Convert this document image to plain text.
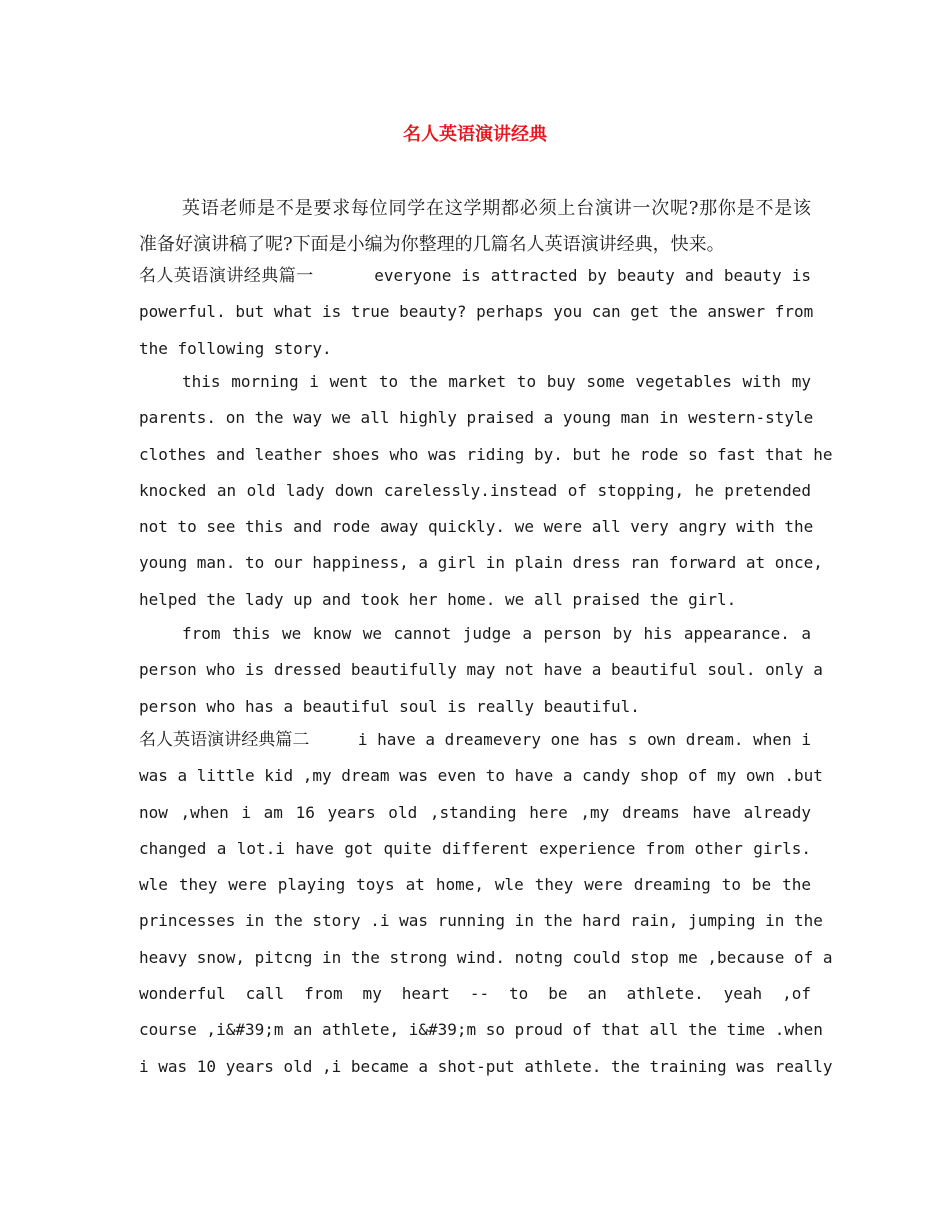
名人英语演讲经典
英语老师是不是要求每位同学在这学期都必须上台演讲一次呢?那你是不是该
准备好演讲稿了呢?下面是小编为你整理的几篇名人英语演讲经典，快来。
名人英语演讲经典篇一	everyone is attracted by beauty and beauty is
powerful. but what is true beauty? perhaps you can get the answer from
the following story.
this morning i went to the market to buy some vegetables with my
parents. on the way we all highly praised a young man in western-style
clothes and leather shoes who was riding by. but he rode so fast that he
knocked an old lady down carelessly.instead of stopping, he pretended
not to see this and rode away quickly. we were all very angry with the
young man. to our happiness, a girl in plain dress ran forward at once,
helped the lady up and took her home. we all praised the girl.
from this we know we cannot judge a person by his appearance. a
person who is dressed beautifully may not have a beautiful soul. only a
person who has a beautiful soul is really beautiful.
名人英语演讲经典篇二	i have a dreamevery one has s own dream. when i
was a little kid ,my dream was even to have a candy shop of my own .but
now ,when i am 16 years old ,standing here ,my dreams have already
changed a lot.i have got quite different experience from other girls.
wle they were playing toys at home, wle they were dreaming to be the
princesses in the story .i was running in the hard rain, jumping in the
heavy snow, pitcng in the strong wind. notng could stop me ,because of a
wonderful call from my heart -- to be an athlete. yeah ,of
course ,i&#39;m an athlete, i&#39;m so proud of that all the time .when
i was 10 years old ,i became a shot-put athlete. the training was really
